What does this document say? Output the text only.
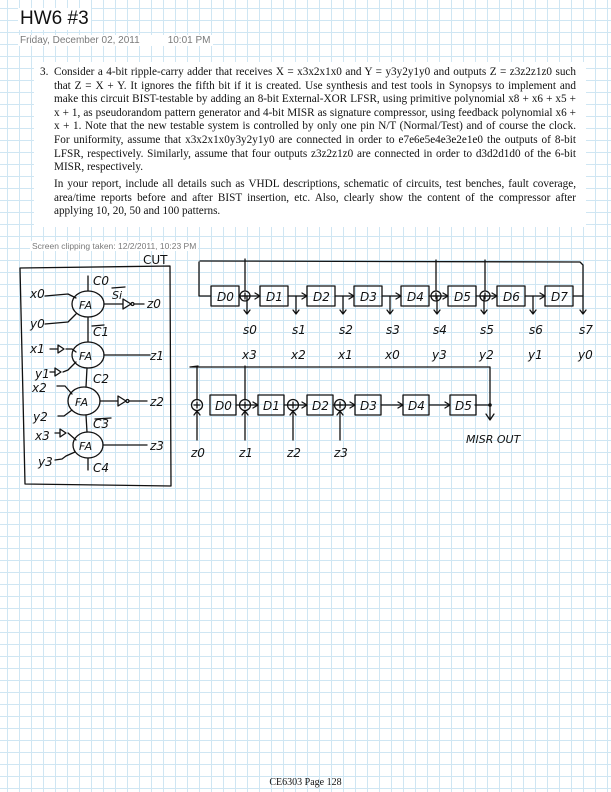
HW6 #3
Friday, December 02, 2011	10:01 PM
3. Consider a 4-bit ripple-carry adder that receives X = x3x2x1x0 and Y = y3y2y1y0 and outputs Z = z3z2z1z0 such that Z = X + Y. It ignores the fifth bit if it is created. Use synthesis and test tools in Synopsys to implement and make this circuit BIST-testable by adding an 8-bit External-XOR LFSR, using primitive polynomial x8 + x6 + x5 + x + 1, as pseudorandom pattern generator and 4-bit MISR as signature compressor, using feedback polynomial x6 + x + 1. Note that the new testable system is controlled by only one pin N/T (Normal/Test) and of course the clock. For uniformity, assume that x3x2x1x0y3y2y1y0 are connected in order to e7e6e5e4e3e2e1e0 the outputs of 8-bit LFSR, respectively. Similarly, assume that four outputs z3z2z1z0 are connected in order to d3d2d1d0 of the 6-bit MISR, respectively.
In your report, include all details such as VHDL descriptions, schematic of circuits, test benches, fault coverage, area/time reports before and after BIST insertion, etc. Also, clearly show the content of the compressor after applying 10, 20, 50 and 100 patterns.
Screen clipping taken: 12/2/2011, 10:23 PM
CUT
FA
FA
FA
FA
x0
y0
x1
y1
x2
y2
x3
y3
C0
C1
C2
C3
C4
Si
z0
z1
z2
z3
D0	D1	D2	D3	D4	D5	D6	D7
s0	s1	s2	s3	s4	s5	s6	s7
x3	x2	x1	x0	y3	y2	y1	y0
MISR OUT
D0	D1	D2	D3	D4	D5
z0	z1	z2	z3
CE6303 Page 128
